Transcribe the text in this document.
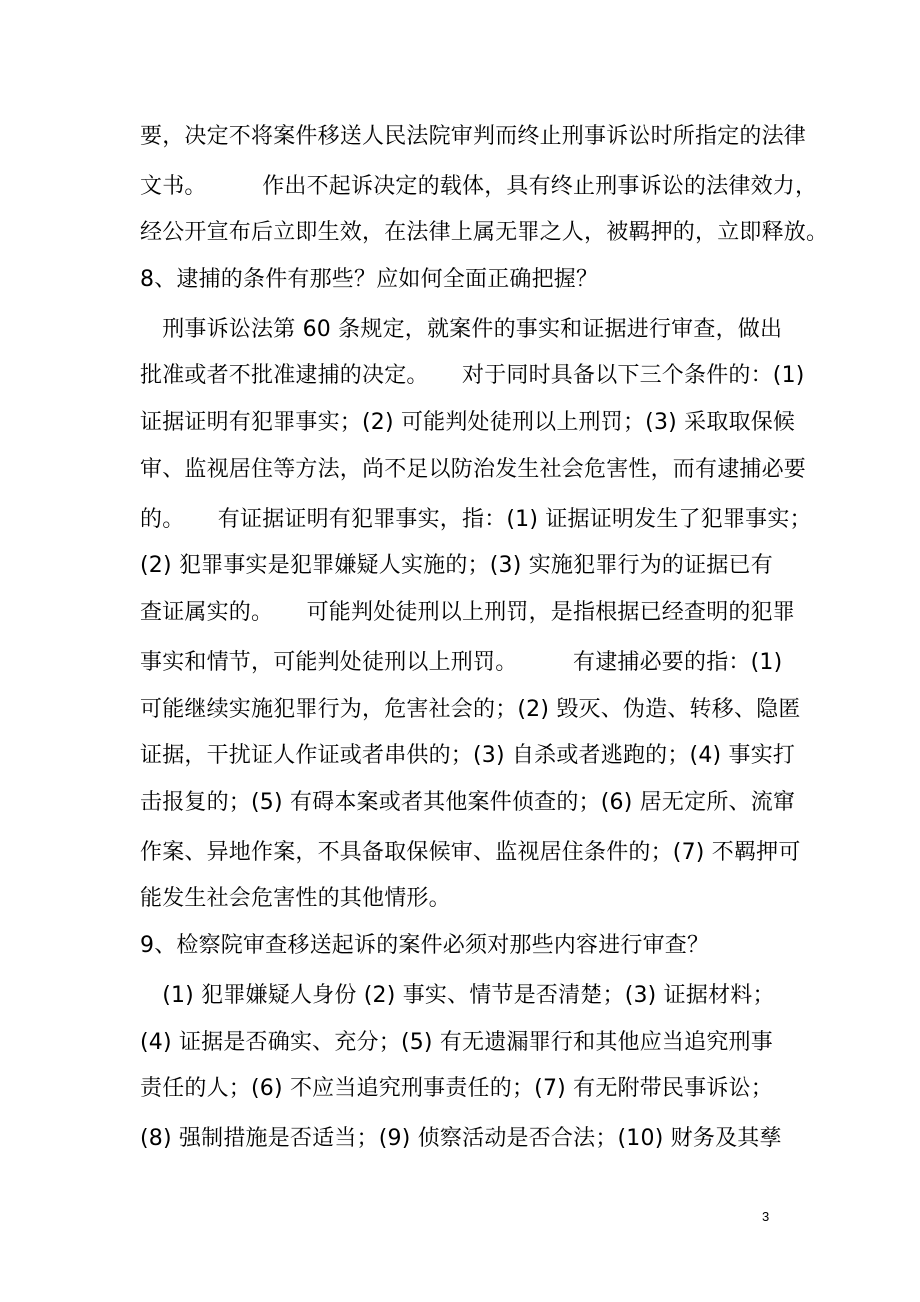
要，决定不将案件移送人民法院审判而终止刑事诉讼时所指定的法律
文书。　　　作出不起诉决定的载体，具有终止刑事诉讼的法律效力，
经公开宣布后立即生效，在法律上属无罪之人，被羁押的，立即释放。
8、逮捕的条件有那些？应如何全面正确把握？
　刑事诉讼法第 60 条规定，就案件的事实和证据进行审查，做出
批准或者不批准逮捕的决定。　　对于同时具备以下三个条件的：(1)
证据证明有犯罪事实；(2) 可能判处徒刑以上刑罚；(3) 采取取保候
审、监视居住等方法，尚不足以防治发生社会危害性，而有逮捕必要
的。　　有证据证明有犯罪事实，指：(1) 证据证明发生了犯罪事实；
(2) 犯罪事实是犯罪嫌疑人实施的；(3) 实施犯罪行为的证据已有
查证属实的。　　可能判处徒刑以上刑罚，是指根据已经查明的犯罪
事实和情节，可能判处徒刑以上刑罚。　　　有逮捕必要的指：(1)
可能继续实施犯罪行为，危害社会的；(2) 毁灭、伪造、转移、隐匿
证据，干扰证人作证或者串供的；(3) 自杀或者逃跑的；(4) 事实打
击报复的；(5) 有碍本案或者其他案件侦查的；(6) 居无定所、流窜
作案、异地作案，不具备取保候审、监视居住条件的；(7) 不羁押可
能发生社会危害性的其他情形。
9、检察院审查移送起诉的案件必须对那些内容进行审查？
　(1) 犯罪嫌疑人身份 (2) 事实、情节是否清楚；(3) 证据材料；
(4) 证据是否确实、充分；(5) 有无遗漏罪行和其他应当追究刑事
责任的人；(6) 不应当追究刑事责任的；(7) 有无附带民事诉讼；
(8) 强制措施是否适当；(9) 侦察活动是否合法；(10) 财务及其孳
3
